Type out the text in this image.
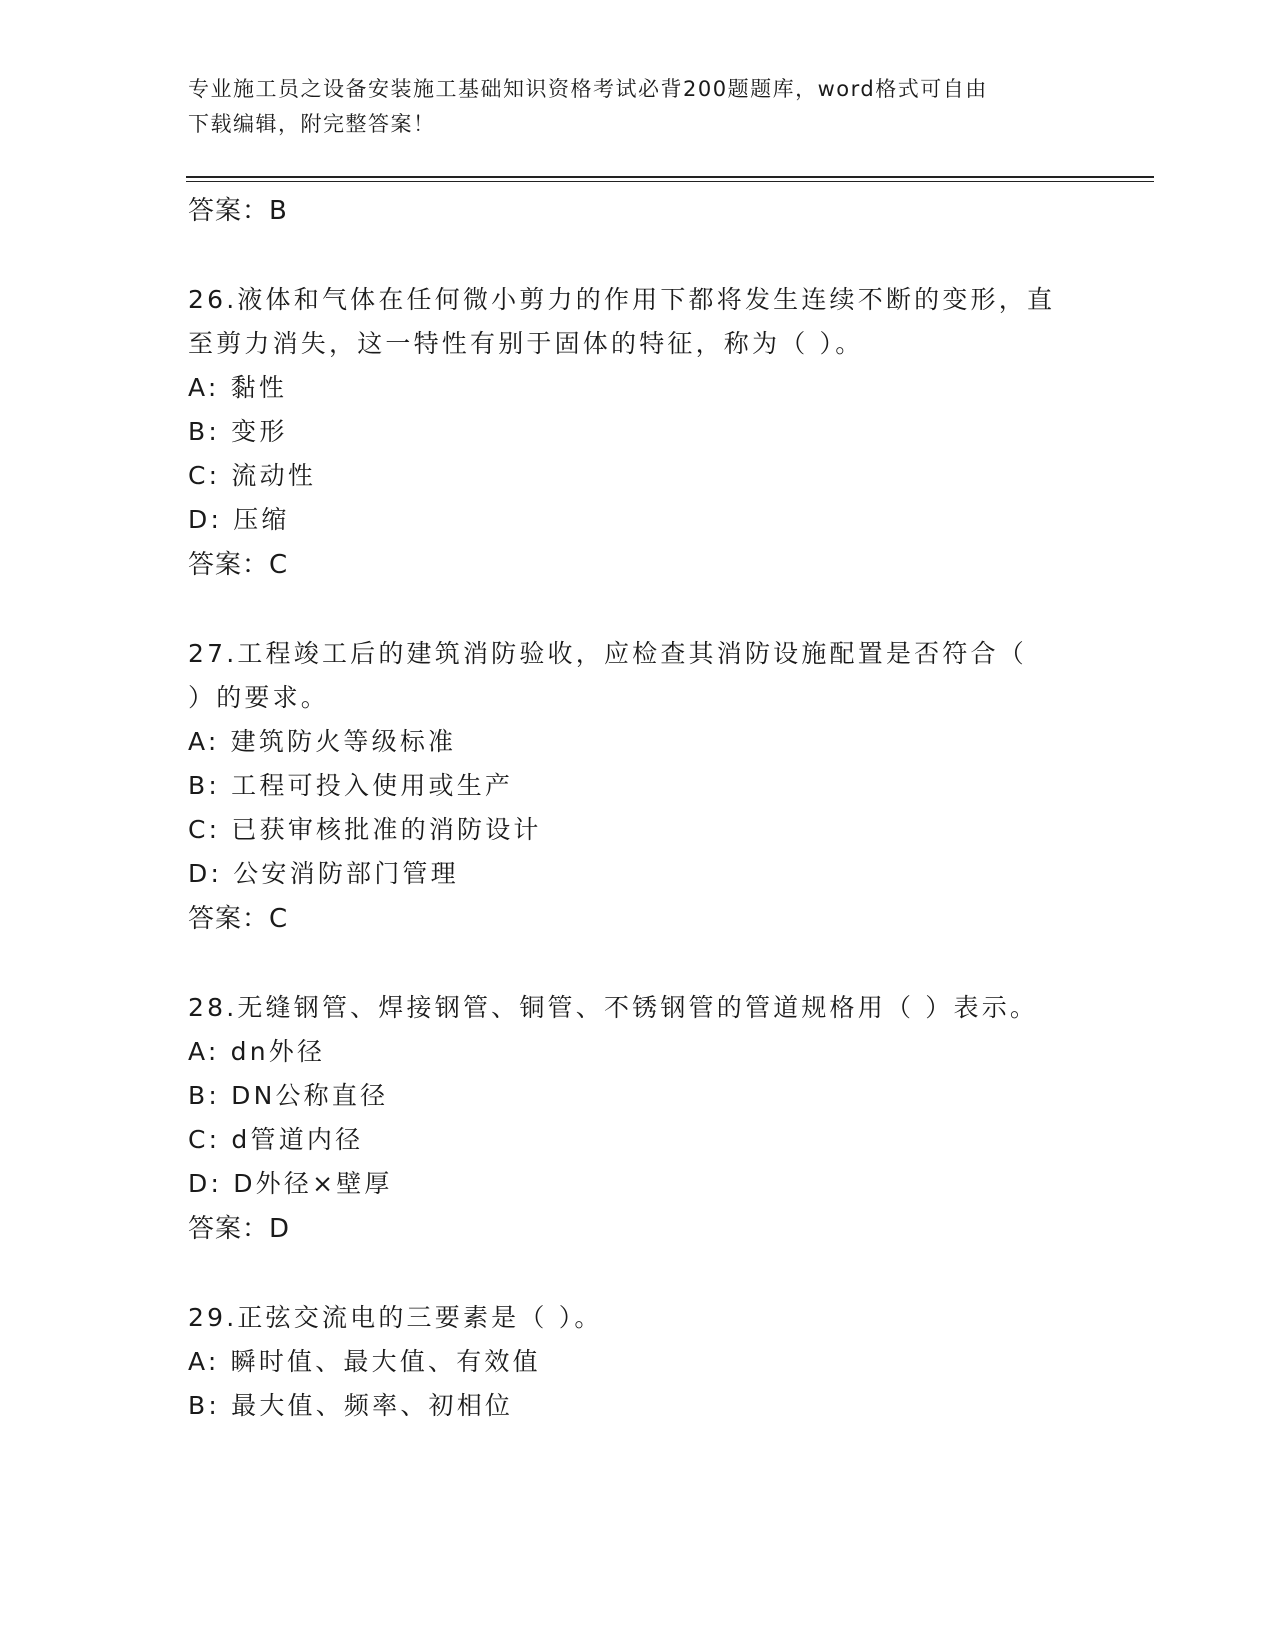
专业施工员之设备安装施工基础知识资格考试必背200题题库，word格式可自由
下载编辑，附完整答案！
答案：B
26.液体和气体在任何微小剪力的作用下都将发生连续不断的变形，直
至剪力消失，这一特性有别于固体的特征，称为（ ）。
A: 黏性
B: 变形
C: 流动性
D: 压缩
答案：C
27.工程竣工后的建筑消防验收，应检查其消防设施配置是否符合（
）的要求。
A: 建筑防火等级标准
B: 工程可投入使用或生产
C: 已获审核批准的消防设计
D: 公安消防部门管理
答案：C
28.无缝钢管、焊接钢管、铜管、不锈钢管的管道规格用（ ）表示。
A: dn外径
B: DN公称直径
C: d管道内径
D: D外径×壁厚
答案：D
29.正弦交流电的三要素是（ ）。
A: 瞬时值、最大值、有效值
B: 最大值、频率、初相位
